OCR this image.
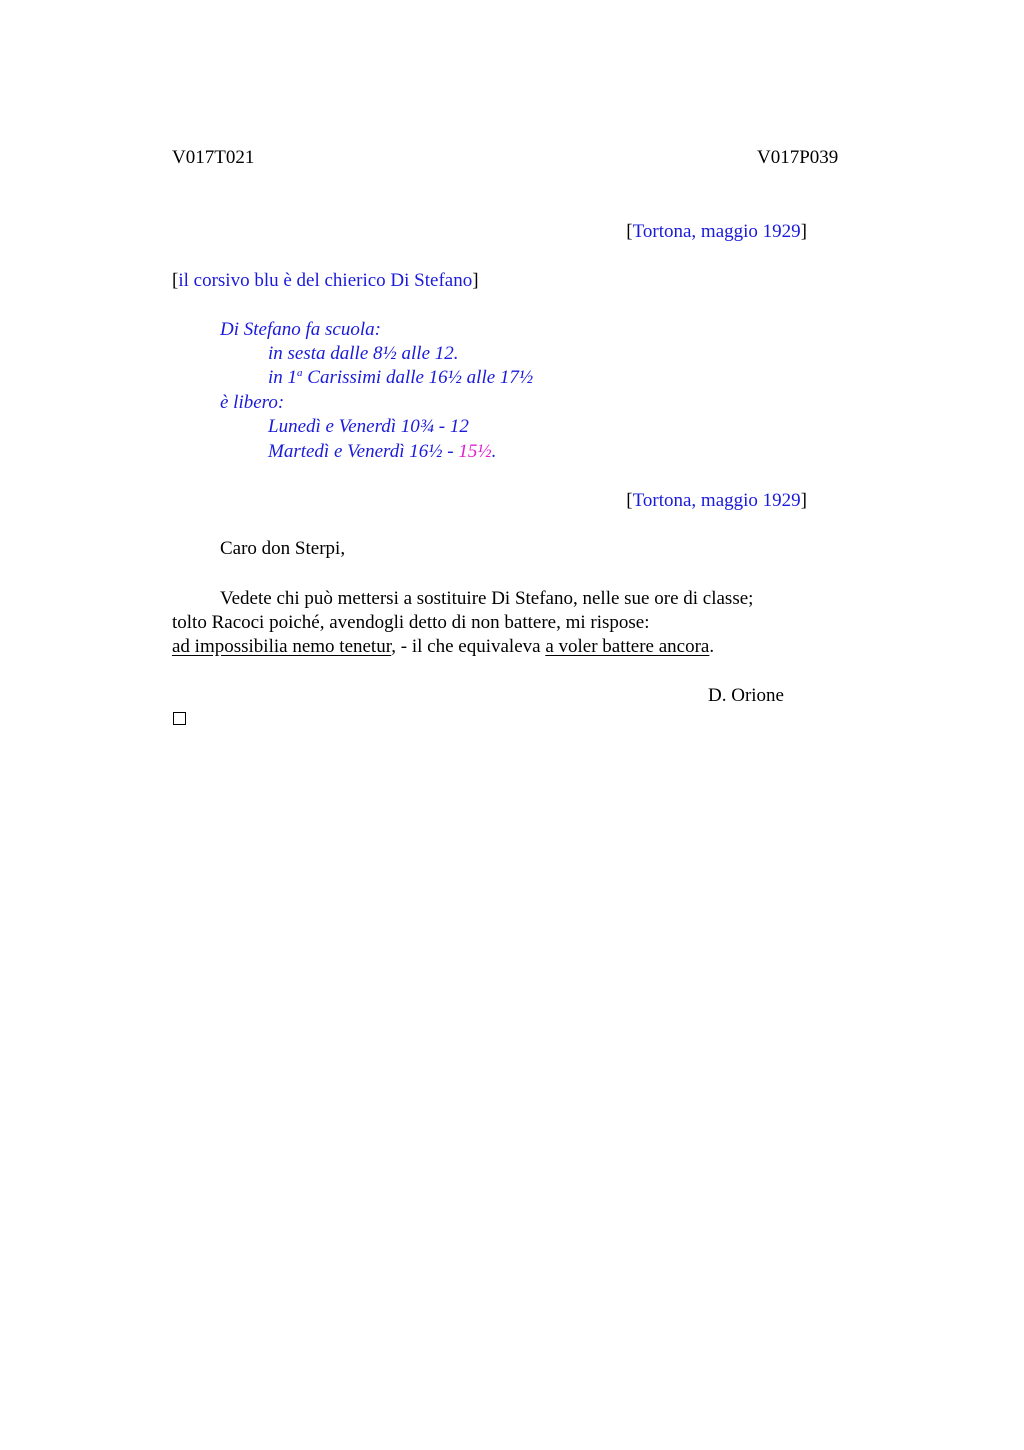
V017T021	V017P039
[Tortona, maggio 1929]
[il corsivo blu è del chierico Di Stefano]
Di Stefano fa scuola:
in sesta dalle 8½ alle 12.
in 1$^a$ Carissimi dalle 16½ alle 17½
è libero:
Lunedì e Venerdì 10¾ - 12
Martedì e Venerdì 16½ - 15½.
[Tortona, maggio 1929]
Caro don Sterpi,
Vedete chi può mettersi a sostituire Di Stefano, nelle sue ore di classe;
tolto Racoci poiché, avendogli detto di non battere, mi rispose:
ad impossibilia nemo tenetur, - il che equivaleva a voler battere ancora.
D. Orione
